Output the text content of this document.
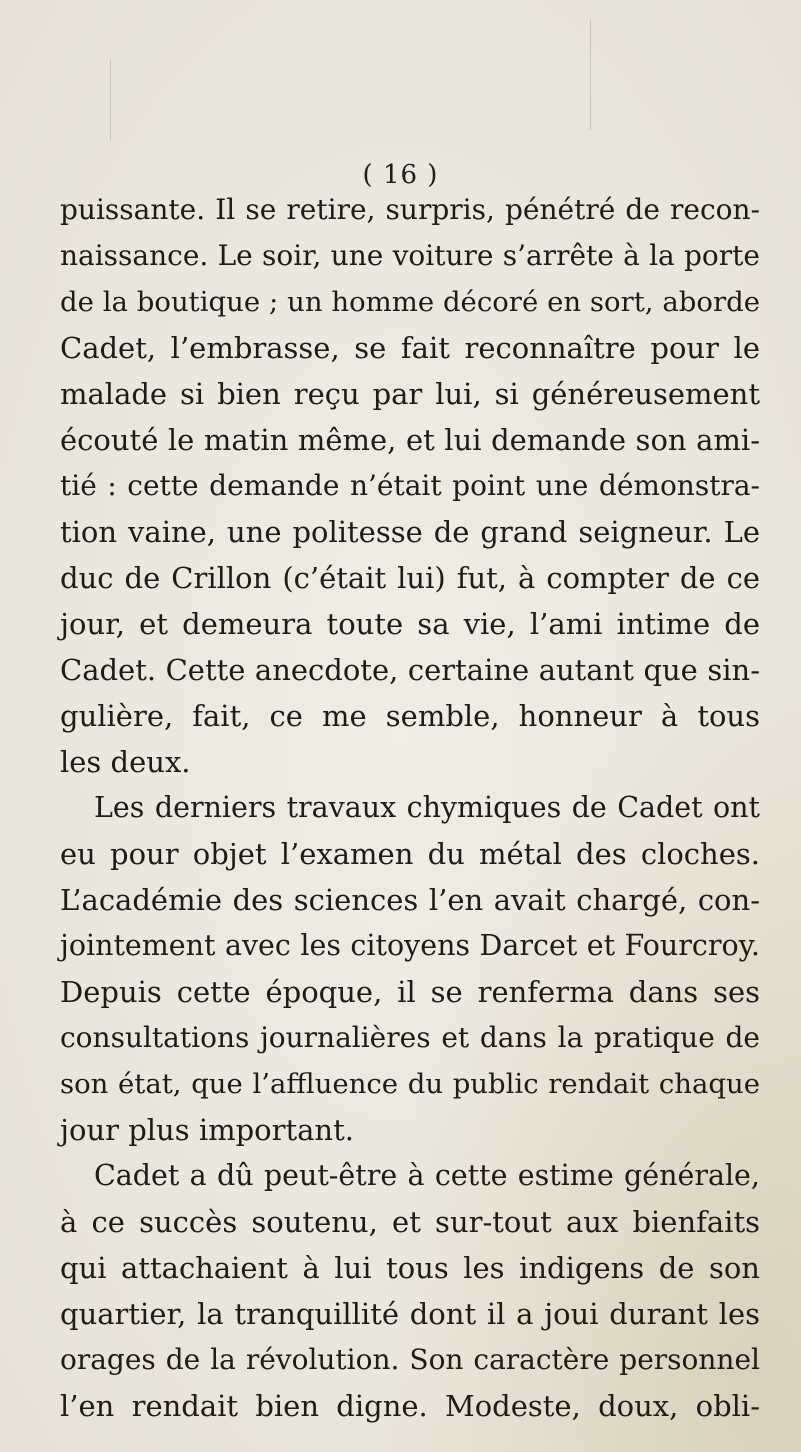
( 16 )
puissante. Il se retire, surpris, pénétré de recon-
naissance. Le soir, une voiture s’arrête à la porte
de la boutique ; un homme décoré en sort, aborde
Cadet, l’embrasse, se fait reconnaître pour le
malade si bien reçu par lui, si généreusement
écouté le matin même, et lui demande son ami-
tié : cette demande n’était point une démonstra-
tion vaine, une politesse de grand seigneur. Le
duc de Crillon (c’était lui) fut, à compter de ce
jour, et demeura toute sa vie, l’ami intime de
Cadet. Cette anecdote, certaine autant que sin-
gulière, fait, ce me semble, honneur à tous
les deux.
Les derniers travaux chymiques de Cadet ont
eu pour objet l’examen du métal des cloches.
L’académie des sciences l’en avait chargé, con-
jointement avec les citoyens Darcet et Fourcroy.
Depuis cette époque, il se renferma dans ses
consultations journalières et dans la pratique de
son état, que l’affluence du public rendait chaque
jour plus important.
Cadet a dû peut-être à cette estime générale,
à ce succès soutenu, et sur-tout aux bienfaits
qui attachaient à lui tous les indigens de son
quartier, la tranquillité dont il a joui durant les
orages de la révolution. Son caractère personnel
l’en rendait bien digne. Modeste, doux, obli-
